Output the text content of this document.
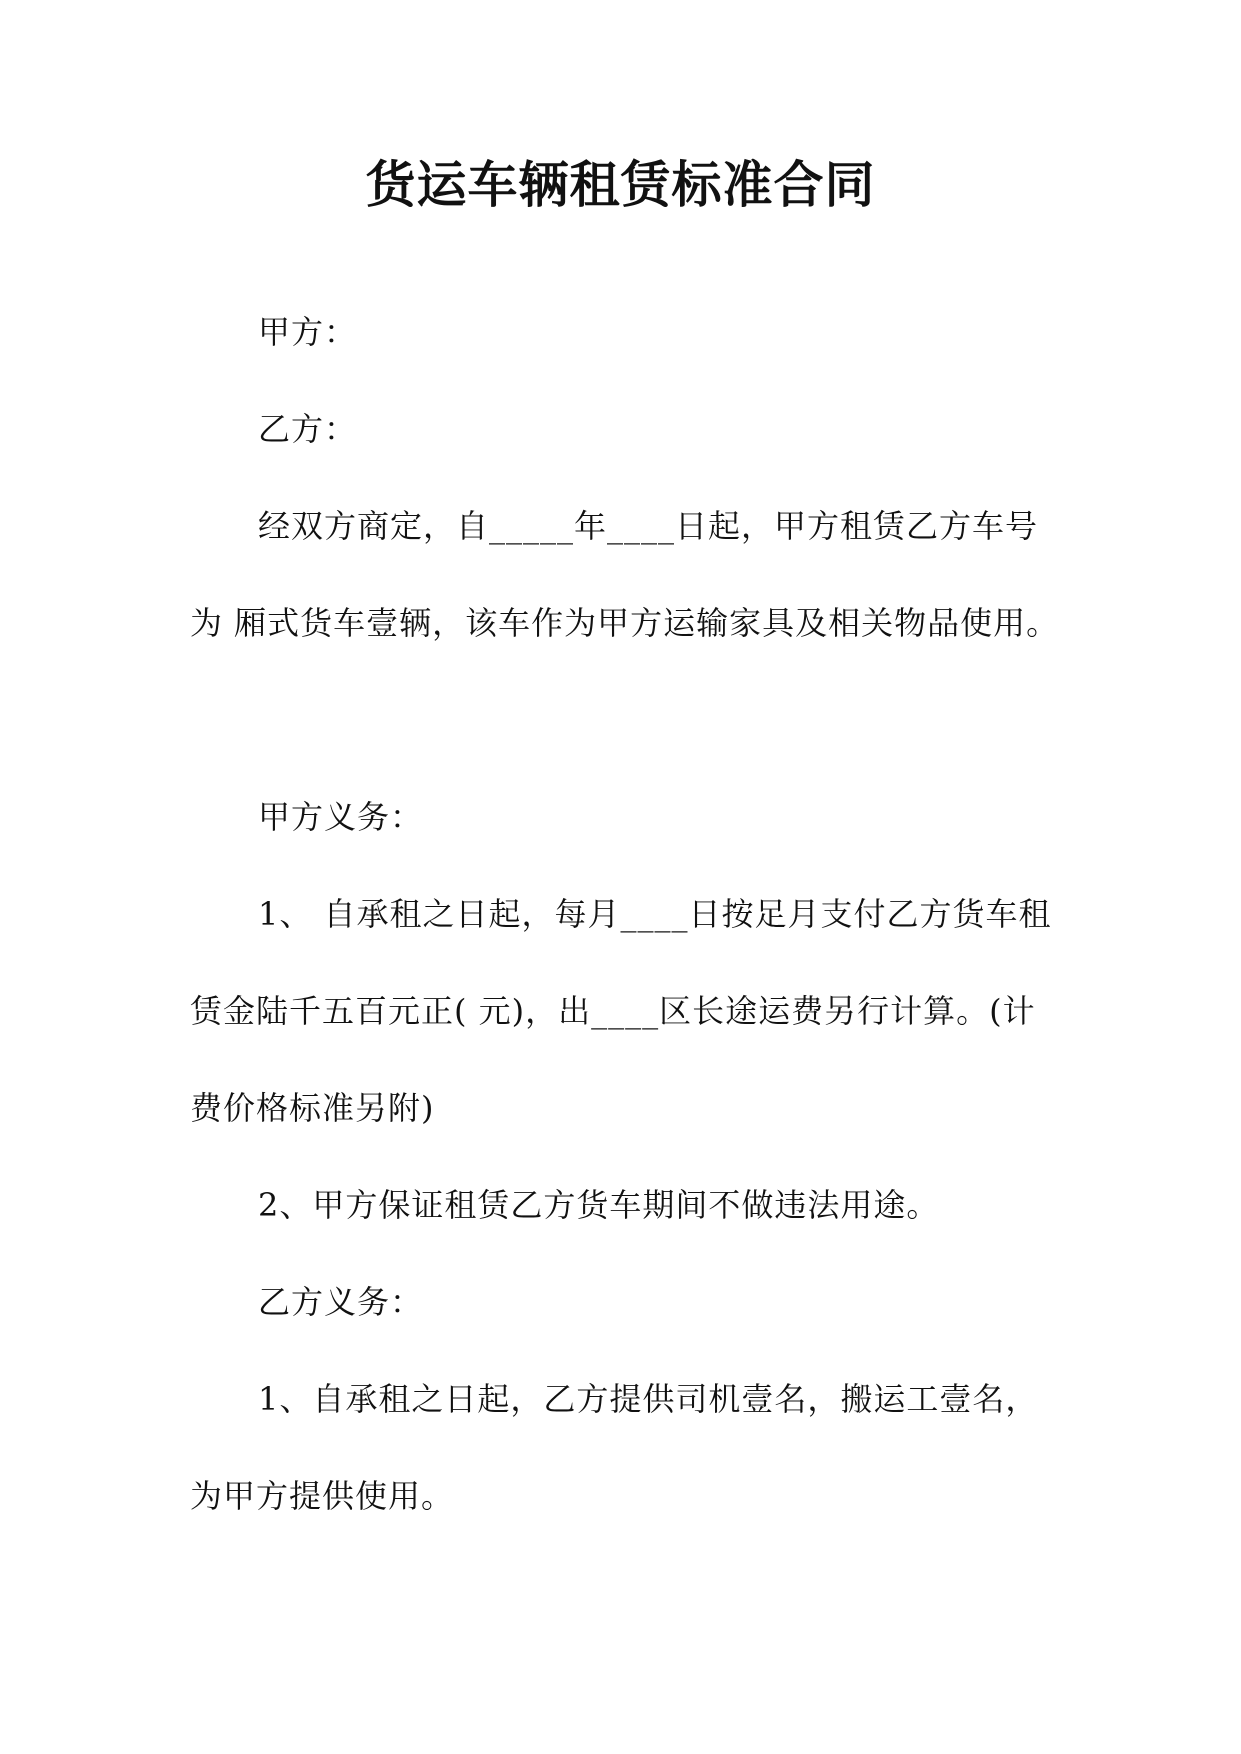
货运车辆租赁标准合同

甲方：

乙方：

经双方商定，自_____年____日起，甲方租赁乙方车号为 厢式货车壹辆，该车作为甲方运输家具及相关物品使用。

甲方义务：

1、 自承租之日起，每月____日按足月支付乙方货车租赁金陆千五百元正( 元)，出____区长途运费另行计算。(计费价格标准另附)

2、甲方保证租赁乙方货车期间不做违法用途。

乙方义务：

1、自承租之日起，乙方提供司机壹名，搬运工壹名，为甲方提供使用。
